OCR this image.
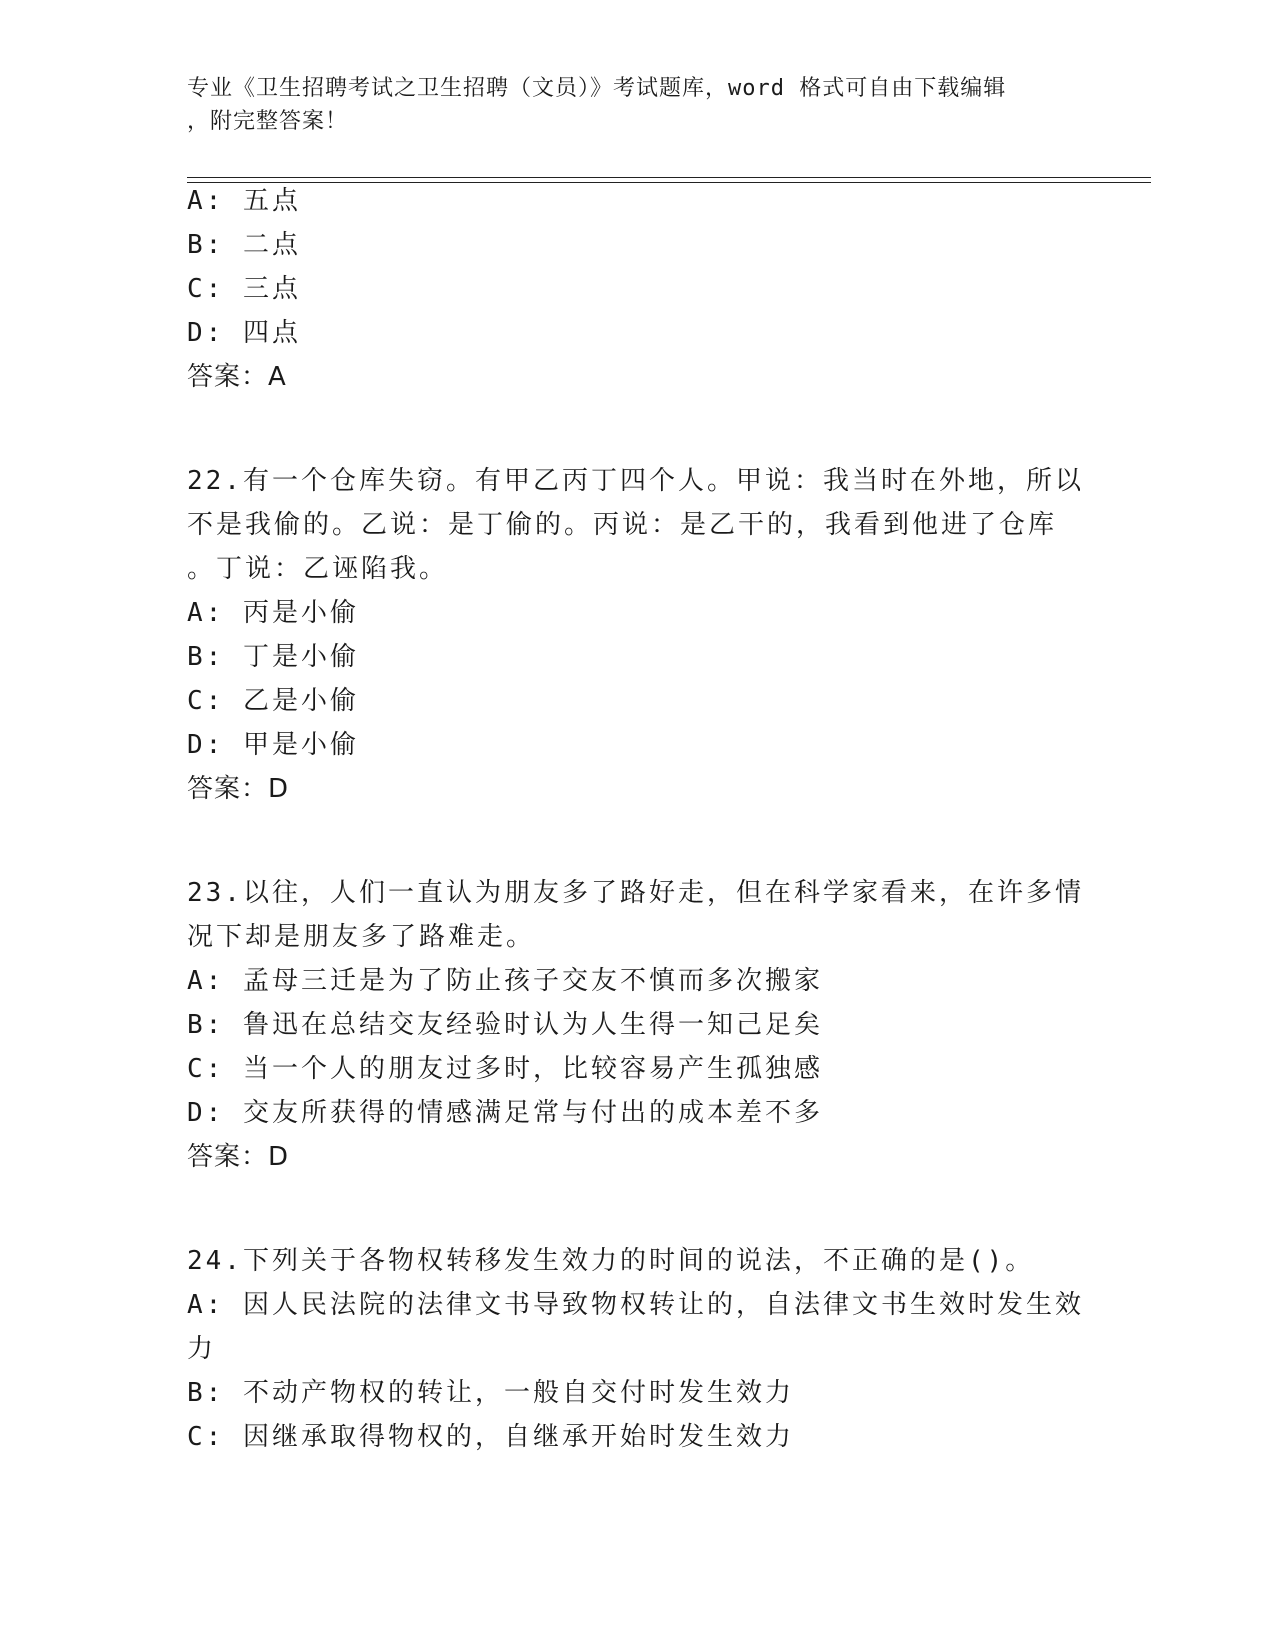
专业《卫生招聘考试之卫生招聘（文员）》考试题库，word 格式可自由下载编辑
，附完整答案！
A: 五点
B: 二点
C: 三点
D: 四点
答案：A
22.有一个仓库失窃。有甲乙丙丁四个人。甲说：我当时在外地，所以
不是我偷的。乙说：是丁偷的。丙说：是乙干的，我看到他进了仓库
。丁说：乙诬陷我。
A: 丙是小偷
B: 丁是小偷
C: 乙是小偷
D: 甲是小偷
答案：D
23.以往，人们一直认为朋友多了路好走，但在科学家看来，在许多情
况下却是朋友多了路难走。
A: 孟母三迁是为了防止孩子交友不慎而多次搬家
B: 鲁迅在总结交友经验时认为人生得一知己足矣
C: 当一个人的朋友过多时，比较容易产生孤独感
D: 交友所获得的情感满足常与付出的成本差不多
答案：D
24.下列关于各物权转移发生效力的时间的说法，不正确的是()。
A: 因人民法院的法律文书导致物权转让的，自法律文书生效时发生效
力
B: 不动产物权的转让，一般自交付时发生效力
C: 因继承取得物权的，自继承开始时发生效力
